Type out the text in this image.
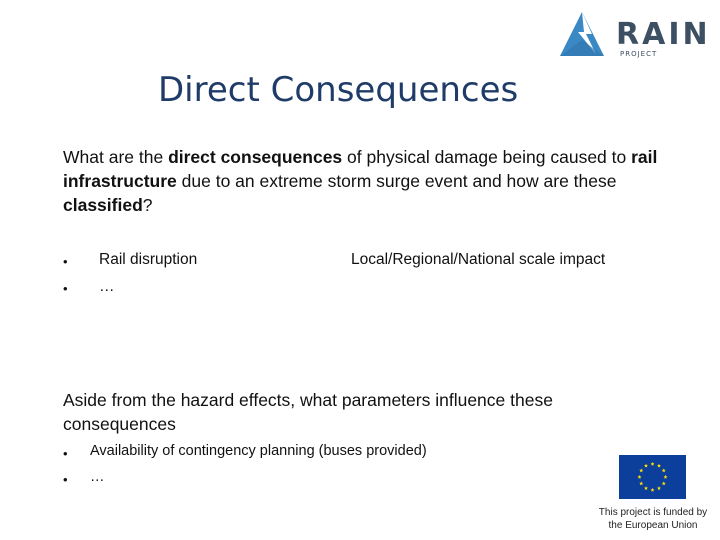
RAIN
PROJECT
Direct Consequences
What are the direct consequences of physical damage being caused to rail infrastructure due to an extreme storm surge event and how are these classified?
• Rail disruption	Local/Regional/National scale impact
• …
Aside from the hazard effects, what parameters influence these consequences
• Availability of contingency planning (buses provided)
• …
This project is funded by
the European Union
